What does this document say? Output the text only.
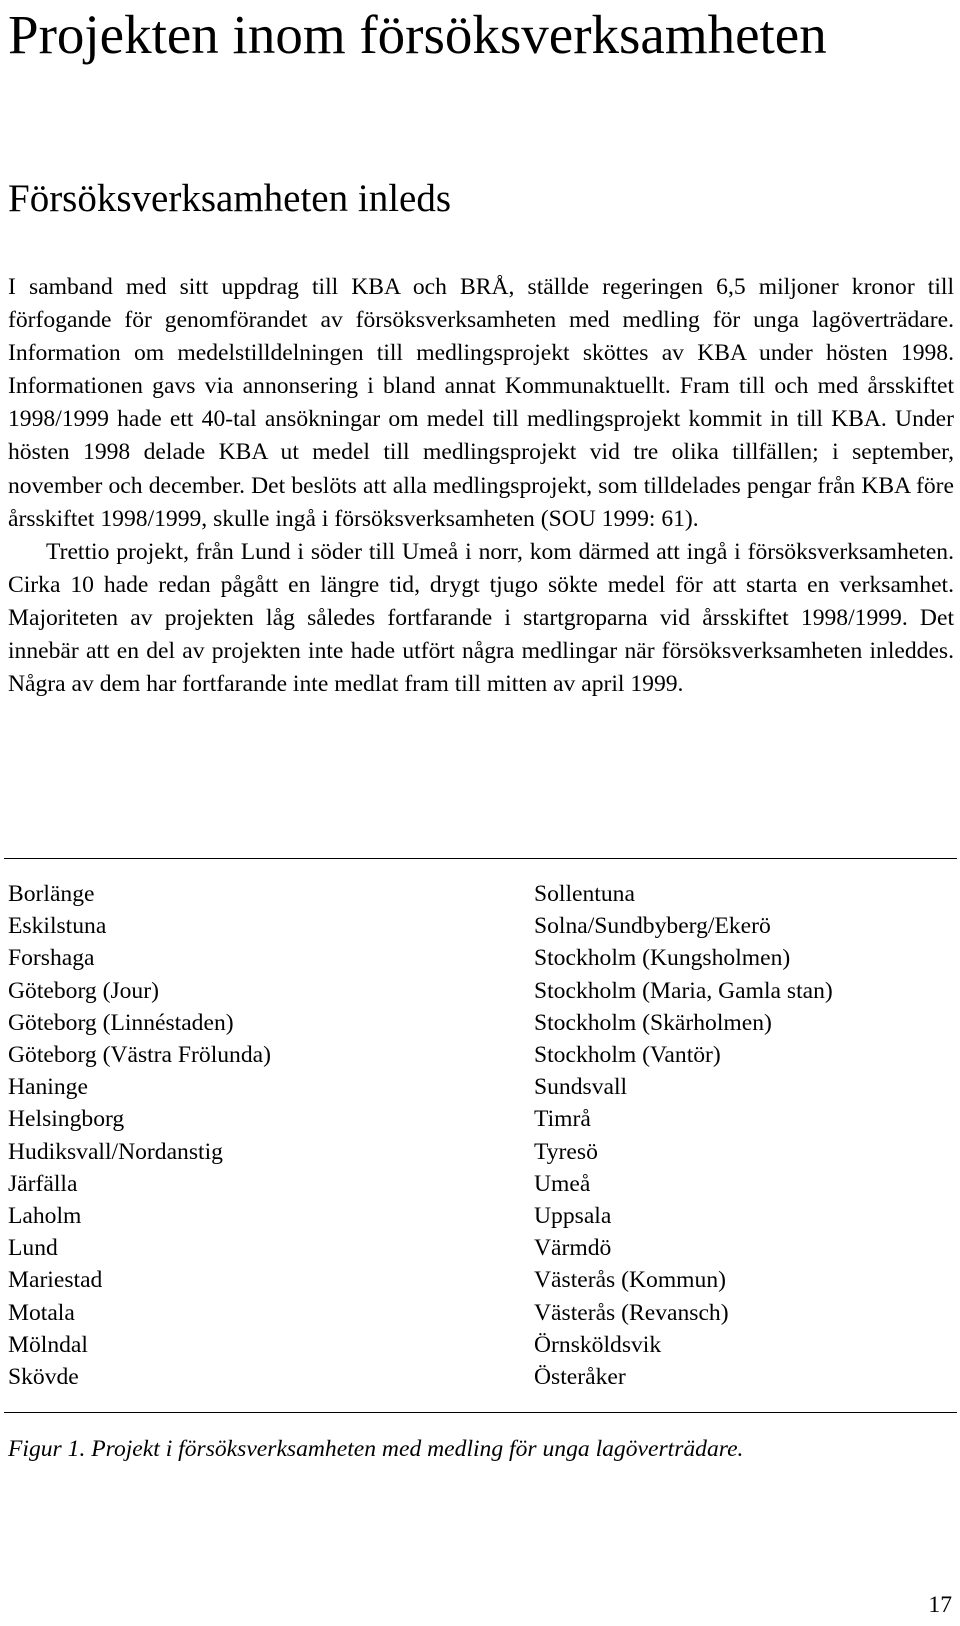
Projekten inom försöksverksamheten
Försöksverksamheten inleds

I samband med sitt uppdrag till KBA och BRÅ, ställde regeringen 6,5 miljoner kronor till förfogande för genomförandet av försöksverksamheten med medling för unga lagöverträdare. Information om medelstilldelningen till medlingsprojekt sköttes av KBA under hösten 1998. Informationen gavs via annonsering i bland annat Kommunaktuellt. Fram till och med årsskiftet 1998/1999 hade ett 40-tal ansökningar om medel till medlingsprojekt kommit in till KBA. Under hösten 1998 delade KBA ut medel till medlingsprojekt vid tre olika tillfällen; i september, november och december. Det beslöts att alla medlingsprojekt, som tilldelades pengar från KBA före årsskiftet 1998/1999, skulle ingå i försöksverksamheten (SOU 1999: 61).

Trettio projekt, från Lund i söder till Umeå i norr, kom därmed att ingå i försöksverksamheten. Cirka 10 hade redan pågått en längre tid, drygt tjugo sökte medel för att starta en verksamhet. Majoriteten av projekten låg således fortfarande i startgroparna vid årsskiftet 1998/1999. Det innebär att en del av projekten inte hade utfört några medlingar när försöksverksamheten inleddes. Några av dem har fortfarande inte medlat fram till mitten av april 1999.

Borlänge
Eskilstuna
Forshaga
Göteborg (Jour)
Göteborg (Linnéstaden)
Göteborg (Västra Frölunda)
Haninge
Helsingborg
Hudiksvall/Nordanstig
Järfälla
Laholm
Lund
Mariestad
Motala
Mölndal
Skövde
Sollentuna
Solna/Sundbyberg/Ekerö
Stockholm (Kungsholmen)
Stockholm (Maria, Gamla stan)
Stockholm (Skärholmen)
Stockholm (Vantör)
Sundsvall
Timrå
Tyresö
Umeå
Uppsala
Värmdö
Västerås (Kommun)
Västerås (Revansch)
Örnsköldsvik
Österåker

Figur 1. Projekt i försöksverksamheten med medling för unga lagöverträdare.

17
